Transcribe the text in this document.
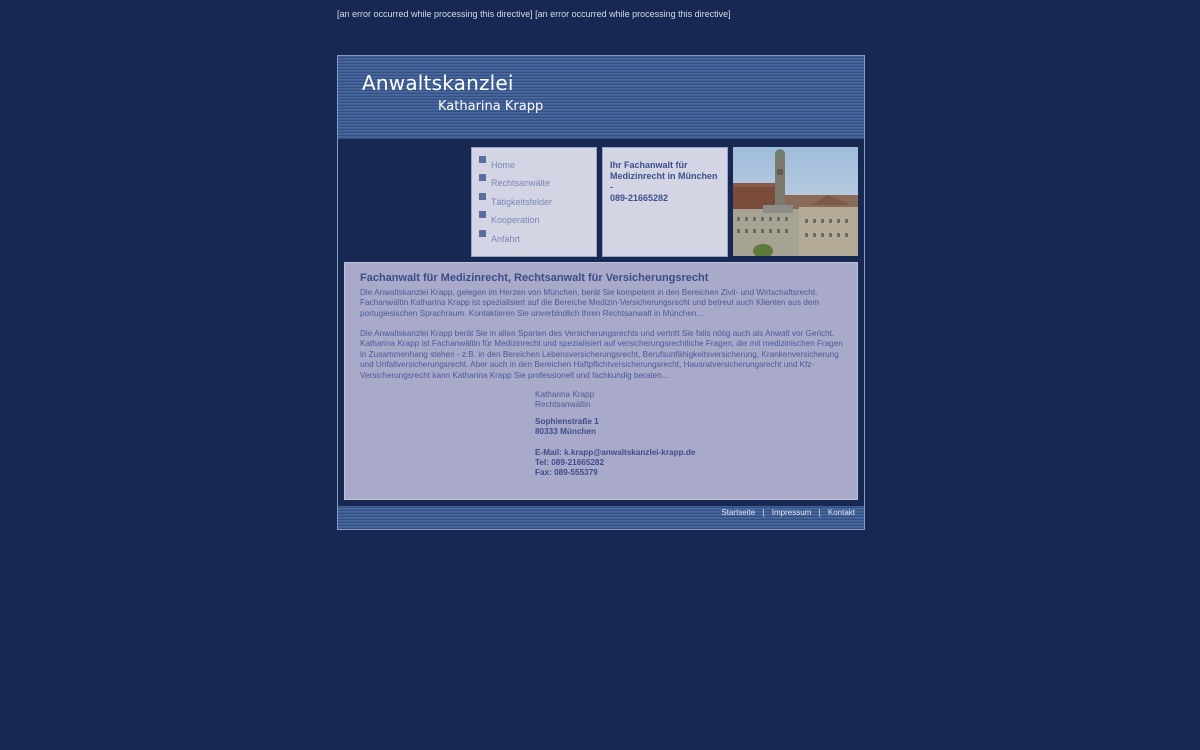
[an error occurred while processing this directive] [an error occurred while processing this directive]
Anwaltskanzlei
Katharina Krapp
Home
Rechtsanwälte
Tätigkeitsfelder
Kooperation
Anfahrt
Ihr Fachanwalt für
Medizinrecht in München
-
089-21665282
Fachanwalt für Medizinrecht, Rechtsanwalt für Versicherungsrecht
Die Anwaltskanzlei Krapp, gelegen im Herzen von München, berät Sie kompetent in den Bereichen Zivil- und Wirtschaftsrecht. Fachanwältin Katharina Krapp ist spezialisiert auf die Bereiche Medizin-Versicherungsrecht und betreut auch Klienten aus dem portugiesischen Sprachraum. Kontaktieren Sie unverbindlich Ihren Rechtsanwalt in München...
Die Anwaltskanzlei Krapp berät Sie in allen Sparten des Versicherungsrechts und vertritt Sie falls nötig auch als Anwalt vor Gericht. Katharina Krapp ist Fachanwältin für Medizinrecht und spezialisiert auf versicherungsrechtliche Fragen, die mit medizinischen Fragen in Zusammenhang stehen - z.B. in den Bereichen Lebensversicherungsrecht, Berufsunfähigkeitsversicherung, Krankenversicherung und Unfallversicherungsrecht. Aber auch in den Bereichen Haftpflichtversicherungsrecht, Hausratversicherungsrecht und Kfz-Versicherungsrecht kann Katharina Krapp Sie professionell und fachkundig beraten...
Katharina Krapp
Rechtsanwältin
Sophienstraße 1
80333 München
E-Mail: k.krapp@anwaltskanzlei-krapp.de
Tel: 089-21665282
Fax: 089-555379
Startseite | Impressum | Kontakt
